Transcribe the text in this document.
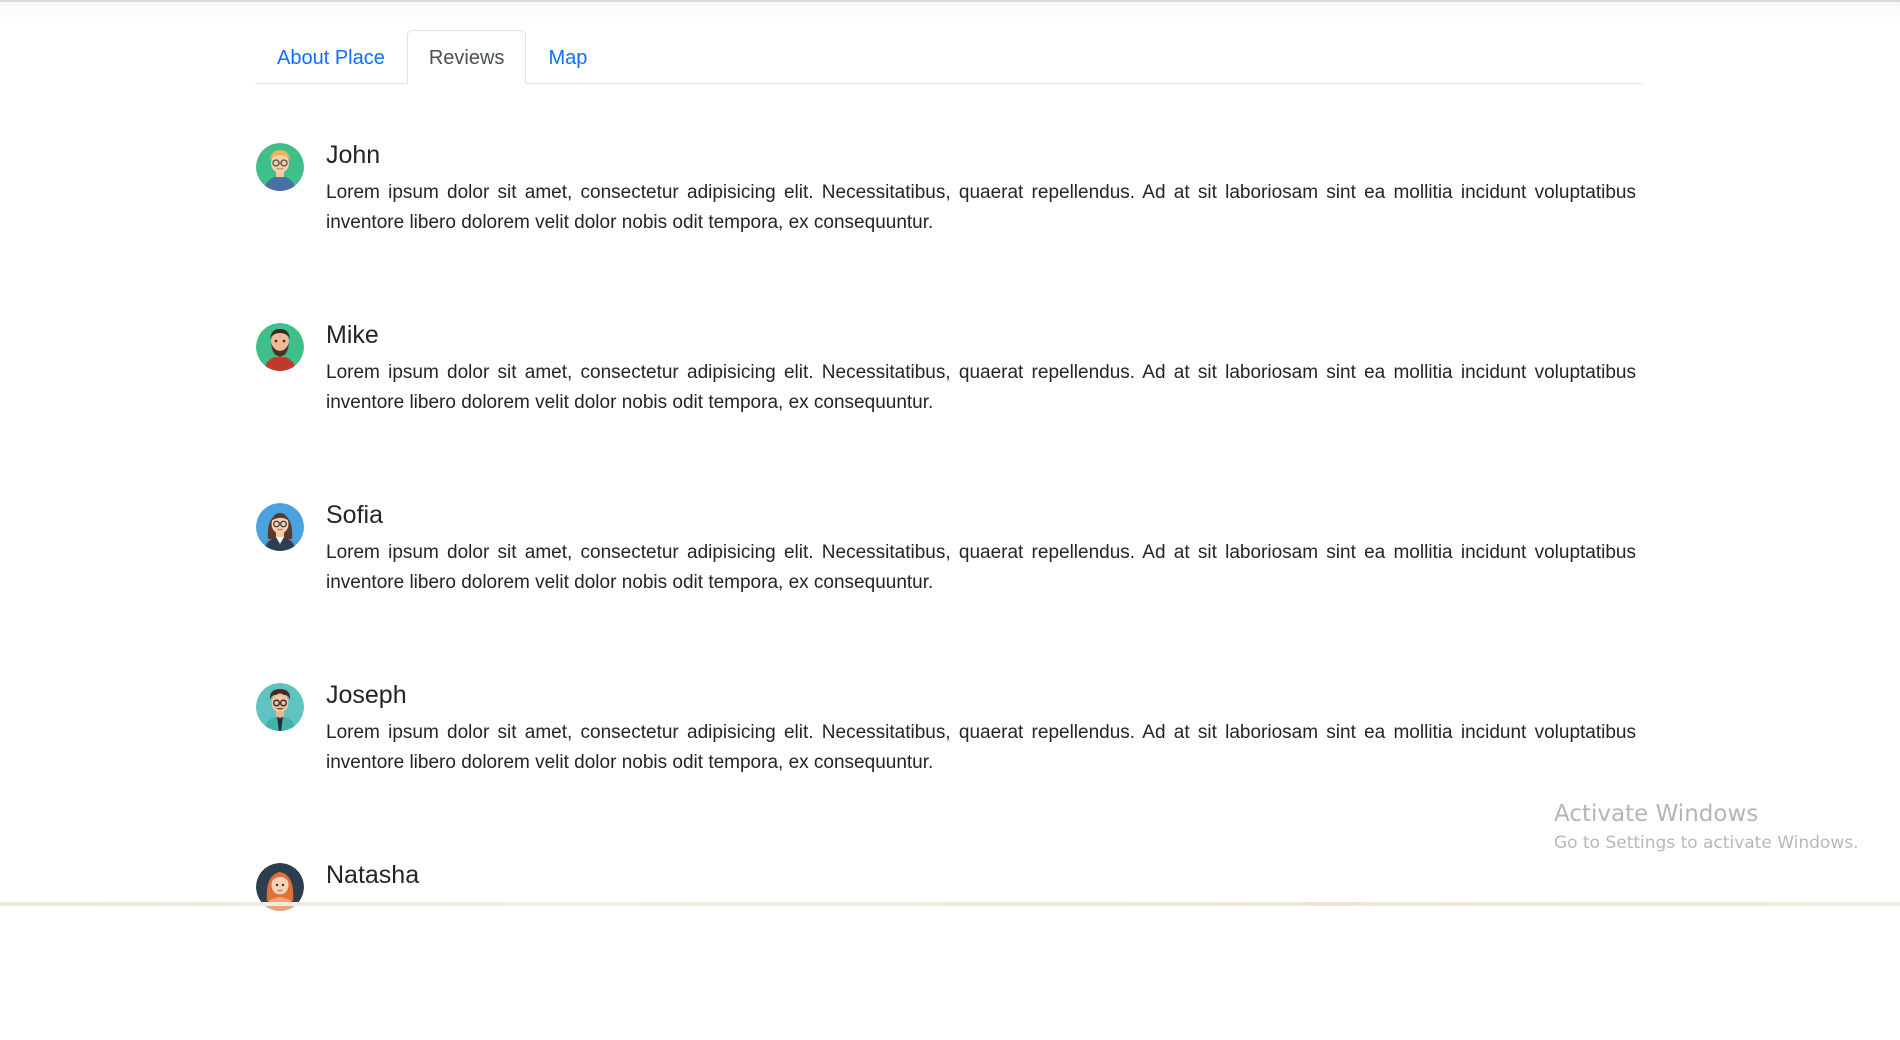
About Place	Reviews	Map
John

Lorem ipsum dolor sit amet, consectetur adipisicing elit. Necessitatibus, quaerat repellendus. Ad at sit laboriosam sint ea mollitia incidunt voluptatibus inventore libero dolorem velit dolor nobis odit tempora, ex consequuntur.

Mike

Lorem ipsum dolor sit amet, consectetur adipisicing elit. Necessitatibus, quaerat repellendus. Ad at sit laboriosam sint ea mollitia incidunt voluptatibus inventore libero dolorem velit dolor nobis odit tempora, ex consequuntur.

Sofia

Lorem ipsum dolor sit amet, consectetur adipisicing elit. Necessitatibus, quaerat repellendus. Ad at sit laboriosam sint ea mollitia incidunt voluptatibus inventore libero dolorem velit dolor nobis odit tempora, ex consequuntur.

Joseph

Lorem ipsum dolor sit amet, consectetur adipisicing elit. Necessitatibus, quaerat repellendus. Ad at sit laboriosam sint ea mollitia incidunt voluptatibus inventore libero dolorem velit dolor nobis odit tempora, ex consequuntur.

Natasha

Activate Windows
Go to Settings to activate Windows.
